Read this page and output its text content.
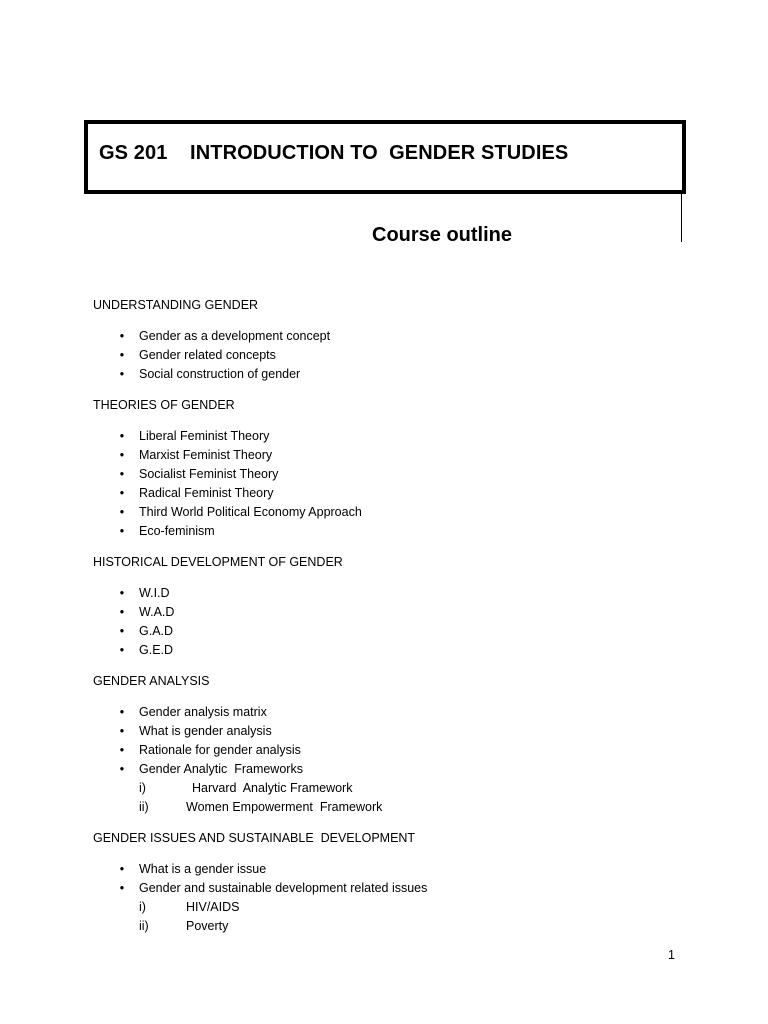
GS 201    INTRODUCTION TO  GENDER STUDIES
Course outline
UNDERSTANDING GENDER
• Gender as a development concept
• Gender related concepts
• Social construction of gender
THEORIES OF GENDER
• Liberal Feminist Theory
• Marxist Feminist Theory
• Socialist Feminist Theory
• Radical Feminist Theory
• Third World Political Economy Approach
• Eco-feminism
HISTORICAL DEVELOPMENT OF GENDER
• W.I.D
• W.A.D
• G.A.D
• G.E.D
GENDER ANALYSIS
• Gender analysis matrix
• What is gender analysis
• Rationale for gender analysis
• Gender Analytic  Frameworks
i)	Harvard  Analytic Framework
ii)	Women Empowerment  Framework
GENDER ISSUES AND SUSTAINABLE  DEVELOPMENT
• What is a gender issue
• Gender and sustainable development related issues
i)	HIV/AIDS
ii)	Poverty
1
